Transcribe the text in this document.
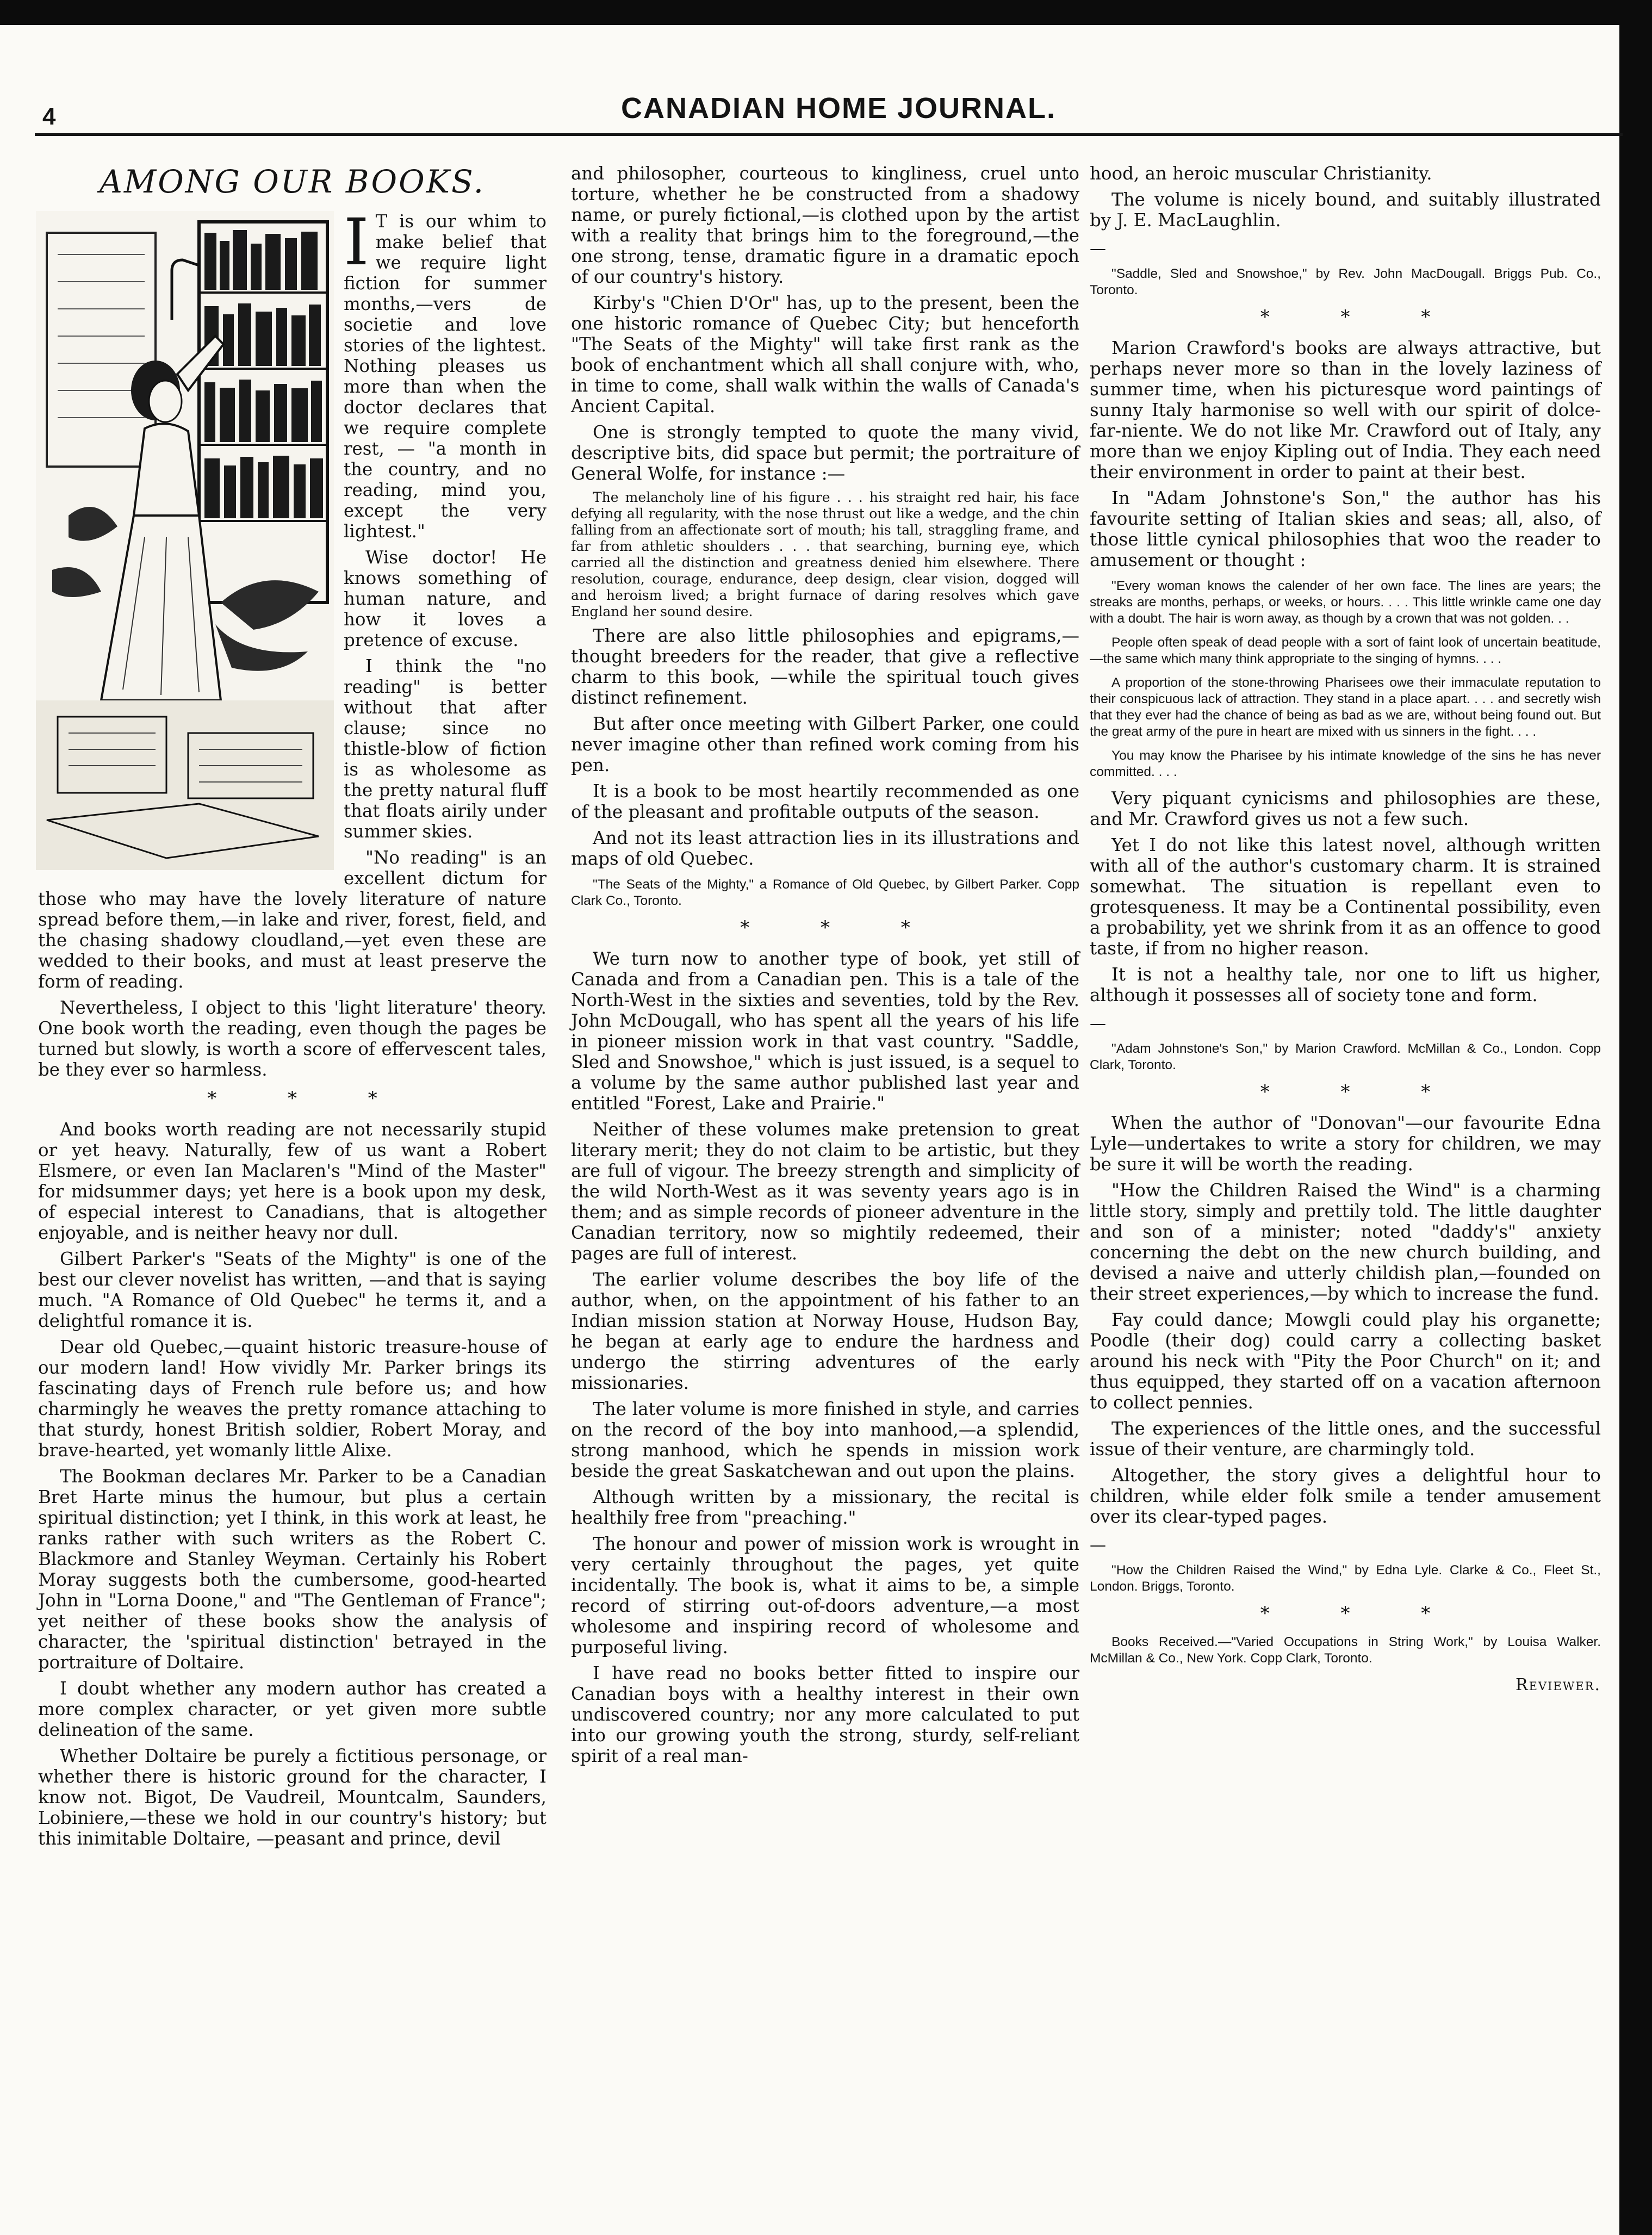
4	CANADIAN HOME JOURNAL.
AMONG OUR BOOKS.
I T is our whim to make belief that we require light fiction for summer months,—vers de societie and love stories of the lightest. Nothing pleases us more than when the doctor declares that we require complete rest, — "a month in the country, and no reading, mind you, except the very lightest."

Wise doctor! He knows something of human nature, and how it loves a pretence of excuse.

I think the "no reading" is better without that after clause; since no thistle-blow of fiction is as wholesome as the pretty natural fluff that floats airily under summer skies.

"No reading" is an excellent dictum for those who may have the lovely literature of nature spread before them,—in lake and river, forest, field, and the chasing shadowy cloudland,—yet even these are wedded to their books, and must at least preserve the form of reading.

Nevertheless, I object to this 'light literature' theory. One book worth the reading, even though the pages be turned but slowly, is worth a score of effervescent tales, be they ever so harmless.

* * *

And books worth reading are not necessarily stupid or yet heavy. Naturally, few of us want a Robert Elsmere, or even Ian Maclaren's "Mind of the Master" for midsummer days; yet here is a book upon my desk, of especial interest to Canadians, that is altogether enjoyable, and is neither heavy nor dull.

Gilbert Parker's "Seats of the Mighty" is one of the best our clever novelist has written, —and that is saying much. "A Romance of Old Quebec" he terms it, and a delightful romance it is.

Dear old Quebec,—quaint historic treasure-house of our modern land! How vividly Mr. Parker brings its fascinating days of French rule before us; and how charmingly he weaves the pretty romance attaching to that sturdy, honest British soldier, Robert Moray, and brave-hearted, yet womanly little Alixe.

The Bookman declares Mr. Parker to be a Canadian Bret Harte minus the humour, but plus a certain spiritual distinction; yet I think, in this work at least, he ranks rather with such writers as the Robert C. Blackmore and Stanley Weyman. Certainly his Robert Moray suggests both the cumbersome, good-hearted John in "Lorna Doone," and "The Gentleman of France"; yet neither of these books show the analysis of character, the 'spiritual distinction' betrayed in the portraiture of Doltaire.

I doubt whether any modern author has created a more complex character, or yet given more subtle delineation of the same.

Whether Doltaire be purely a fictitious personage, or whether there is historic ground for the character, I know not. Bigot, De Vaudreil, Mountcalm, Saunders, Lobiniere,—these we hold in our country's history; but this inimitable Doltaire, —peasant and prince, devil

and philosopher, courteous to kingliness, cruel unto torture, whether he be constructed from a shadowy name, or purely fictional,—is clothed upon by the artist with a reality that brings him to the foreground,—the one strong, tense, dramatic figure in a dramatic epoch of our country's history.

Kirby's "Chien D'Or" has, up to the present, been the one historic romance of Quebec City; but henceforth "The Seats of the Mighty" will take first rank as the book of enchantment which all shall conjure with, who, in time to come, shall walk within the walls of Canada's Ancient Capital.

One is strongly tempted to quote the many vivid, descriptive bits, did space but permit; the portraiture of General Wolfe, for instance :—

The melancholy line of his figure . . . his straight red hair, his face defying all regularity, with the nose thrust out like a wedge, and the chin falling from an affectionate sort of mouth; his tall, straggling frame, and far from athletic shoulders . . . that searching, burning eye, which carried all the distinction and greatness denied him elsewhere. There resolution, courage, endurance, deep design, clear vision, dogged will and heroism lived; a bright furnace of daring resolves which gave England her sound desire.

There are also little philosophies and epigrams,—thought breeders for the reader, that give a reflective charm to this book, —while the spiritual touch gives distinct refinement.

But after once meeting with Gilbert Parker, one could never imagine other than refined work coming from his pen.

It is a book to be most heartily recommended as one of the pleasant and profitable outputs of the season.

And not its least attraction lies in its illustrations and maps of old Quebec.

"The Seats of the Mighty," a Romance of Old Quebec, by Gilbert Parker. Copp Clark Co., Toronto.

* * *

We turn now to another type of book, yet still of Canada and from a Canadian pen. This is a tale of the North-West in the sixties and seventies, told by the Rev. John McDougall, who has spent all the years of his life in pioneer mission work in that vast country. "Saddle, Sled and Snowshoe," which is just issued, is a sequel to a volume by the same author published last year and entitled "Forest, Lake and Prairie."

Neither of these volumes make pretension to great literary merit; they do not claim to be artistic, but they are full of vigour. The breezy strength and simplicity of the wild North-West as it was seventy years ago is in them; and as simple records of pioneer adventure in the Canadian territory, now so mightily redeemed, their pages are full of interest.

The earlier volume describes the boy life of the author, when, on the appointment of his father to an Indian mission station at Norway House, Hudson Bay, he began at early age to endure the hardness and undergo the stirring adventures of the early missionaries.

The later volume is more finished in style, and carries on the record of the boy into manhood,—a splendid, strong manhood, which he spends in mission work beside the great Saskatchewan and out upon the plains.

Although written by a missionary, the recital is healthily free from "preaching."

The honour and power of mission work is wrought in very certainly throughout the pages, yet quite incidentally. The book is, what it aims to be, a simple record of stirring out-of-doors adventure,—a most wholesome and inspiring record of wholesome and purposeful living.

I have read no books better fitted to inspire our Canadian boys with a healthy interest in their own undiscovered country; nor any more calculated to put into our growing youth the strong, sturdy, self-reliant spirit of a real man-

hood, an heroic muscular Christianity.

The volume is nicely bound, and suitably illustrated by J. E. MacLaughlin.

—

"Saddle, Sled and Snowshoe," by Rev. John MacDougall. Briggs Pub. Co., Toronto.

* * *

Marion Crawford's books are always attractive, but perhaps never more so than in the lovely laziness of summer time, when his picturesque word paintings of sunny Italy harmonise so well with our spirit of dolce-far-niente. We do not like Mr. Crawford out of Italy, any more than we enjoy Kipling out of India. They each need their environment in order to paint at their best.

In "Adam Johnstone's Son," the author has his favourite setting of Italian skies and seas; all, also, of those little cynical philosophies that woo the reader to amusement or thought :

"Every woman knows the calender of her own face. The lines are years; the streaks are months, perhaps, or weeks, or hours. . . . This little wrinkle came one day with a doubt. The hair is worn away, as though by a crown that was not golden. . .

People often speak of dead people with a sort of faint look of uncertain beatitude,—the same which many think appropriate to the singing of hymns. . . .

A proportion of the stone-throwing Pharisees owe their immaculate reputation to their conspicuous lack of attraction. They stand in a place apart. . . . and secretly wish that they ever had the chance of being as bad as we are, without being found out. But the great army of the pure in heart are mixed with us sinners in the fight. . . .

You may know the Pharisee by his intimate knowledge of the sins he has never committed. . . .

Very piquant cynicisms and philosophies are these, and Mr. Crawford gives us not a few such.

Yet I do not like this latest novel, although written with all of the author's customary charm. It is strained somewhat. The situation is repellant even to grotesqueness. It may be a Continental possibility, even a probability, yet we shrink from it as an offence to good taste, if from no higher reason.

It is not a healthy tale, nor one to lift us higher, although it possesses all of society tone and form.

—

"Adam Johnstone's Son," by Marion Crawford. McMillan & Co., London. Copp Clark, Toronto.

* * *

When the author of "Donovan"—our favourite Edna Lyle—undertakes to write a story for children, we may be sure it will be worth the reading.

"How the Children Raised the Wind" is a charming little story, simply and prettily told. The little daughter and son of a minister; noted "daddy's" anxiety concerning the debt on the new church building, and devised a naive and utterly childish plan,—founded on their street experiences,—by which to increase the fund.

Fay could dance; Mowgli could play his organette; Poodle (their dog) could carry a collecting basket around his neck with "Pity the Poor Church" on it; and thus equipped, they started off on a vacation afternoon to collect pennies.

The experiences of the little ones, and the successful issue of their venture, are charmingly told.

Altogether, the story gives a delightful hour to children, while elder folk smile a tender amusement over its clear-typed pages.

—

"How the Children Raised the Wind," by Edna Lyle. Clarke & Co., Fleet St., London. Briggs, Toronto.

* * *

Books Received.—"Varied Occupations in String Work," by Louisa Walker. McMillan & Co., New York. Copp Clark, Toronto.

Reviewer.
